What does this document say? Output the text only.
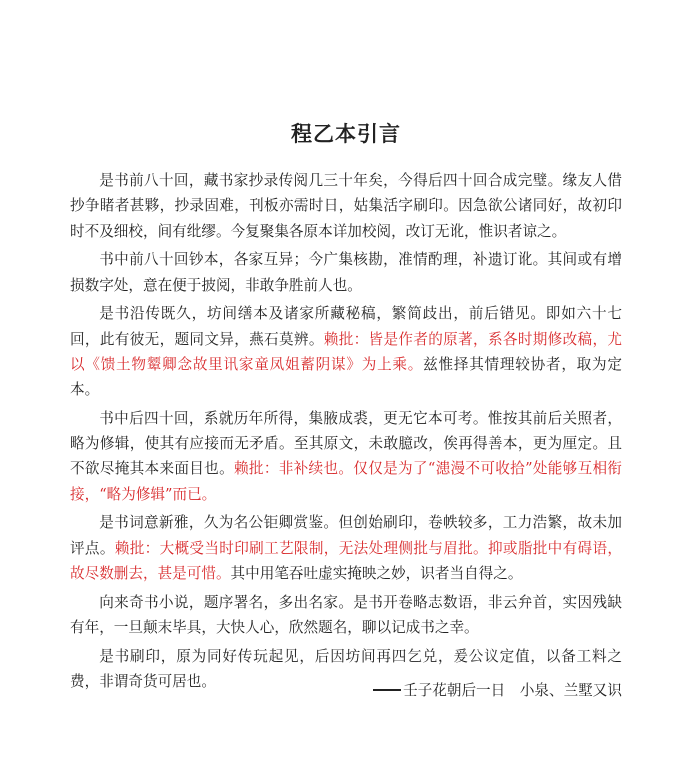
程乙本引言

是书前八十回，藏书家抄录传阅几三十年矣，今得后四十回合成完璧。缘友人借抄争睹者甚夥，抄录固难，刊板亦需时日，姑集活字刷印。因急欲公诸同好，故初印时不及细校，间有纰缪。今复聚集各原本详加校阅，改订无讹，惟识者谅之。

书中前八十回钞本，各家互异；今广集核勘，准情酌理，补遗订讹。其间或有增损数字处，意在便于披阅，非敢争胜前人也。

是书沿传既久，坊间缮本及诸家所藏秘稿，繁简歧出，前后错见。即如六十七回，此有彼无，题同文异，燕石莫辨。赖批：皆是作者的原著，系各时期修改稿，尤以《馈土物颦卿念故里讯家童凤姐蓄阴谋》为上乘。兹惟择其情理较协者，取为定本。

书中后四十回，系就历年所得，集腋成裘，更无它本可考。惟按其前后关照者，略为修辑，使其有应接而无矛盾。至其原文，未敢臆改，俟再得善本，更为厘定。且不欲尽掩其本来面目也。赖批：非补续也。仅仅是为了“漶漫不可收拾”处能够互相衔接，“略为修辑”而已。

是书词意新雅，久为名公钜卿赏鉴。但创始刷印，卷帙较多，工力浩繁，故未加评点。赖批：大概受当时印刷工艺限制，无法处理侧批与眉批。抑或脂批中有碍语，故尽数删去，甚是可惜。其中用笔吞吐虚实掩映之妙，识者当自得之。

向来奇书小说，题序署名，多出名家。是书开卷略志数语，非云弁首，实因残缺有年，一旦颠末毕具，大快人心，欣然题名，聊以记成书之幸。

是书刷印，原为同好传玩起见，后因坊间再四乞兑，爰公议定值，以备工料之费，非谓奇货可居也。

壬子花朝后一日　小泉、兰墅又识
